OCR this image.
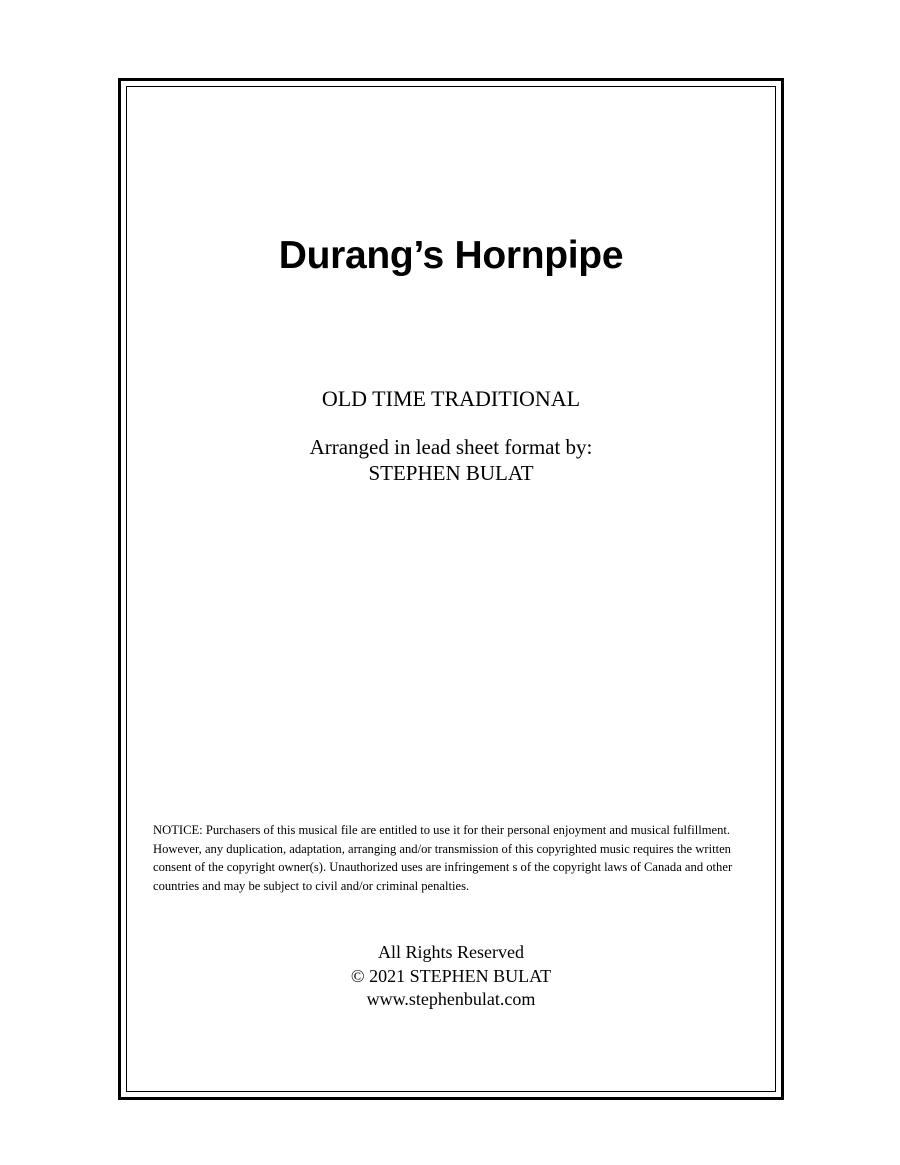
Durang’s Hornpipe
OLD TIME TRADITIONAL
Arranged in lead sheet format by:
STEPHEN BULAT
NOTICE: Purchasers of this musical file are entitled to use it for their personal enjoyment and musical fulfillment. However, any duplication, adaptation, arranging and/or transmission of this copyrighted music requires the written consent of the copyright owner(s). Unauthorized uses are infringement s of the copyright laws of Canada and other countries and may be subject to civil and/or criminal penalties.
All Rights Reserved
© 2021 STEPHEN BULAT
www.stephenbulat.com
